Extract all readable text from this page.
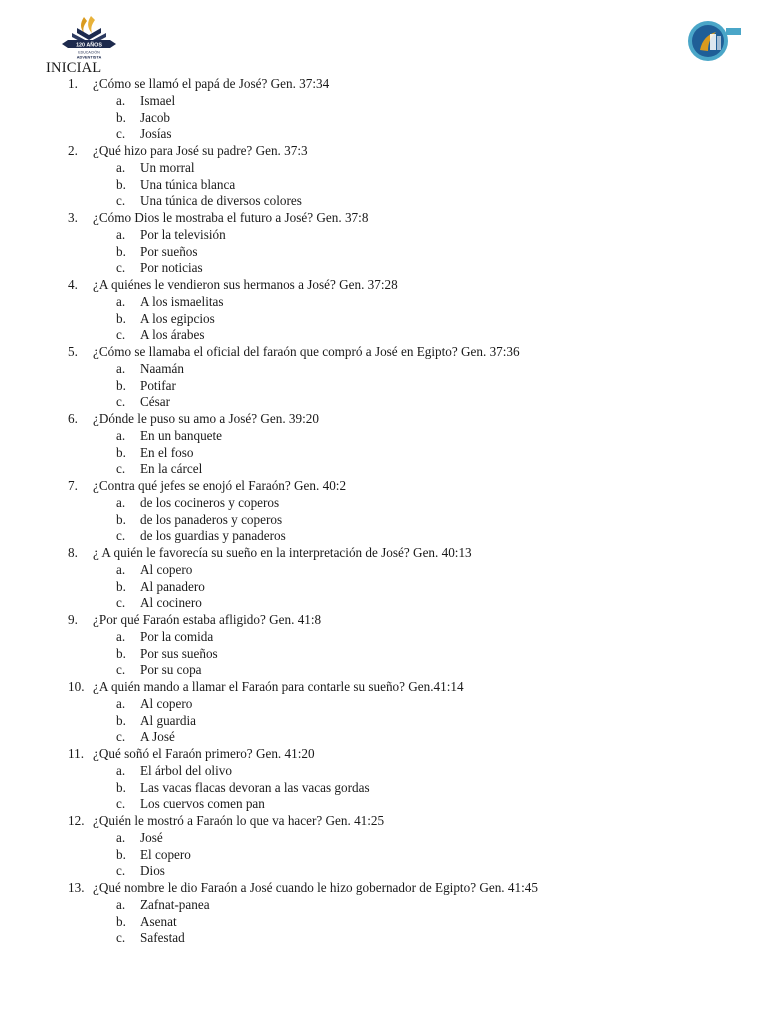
120 AÑOS
EDUCACIÓN
ADVENTISTA
INICIAL
1. ¿Cómo se llamó el papá de José? Gen. 37:34
a. Ismael
b. Jacob
c. Josías
2. ¿Qué hizo para José su padre? Gen. 37:3
a. Un morral
b. Una túnica blanca
c. Una túnica de diversos colores
3. ¿Cómo Dios le mostraba el futuro a José? Gen. 37:8
a. Por la televisión
b. Por sueños
c. Por noticias
4. ¿A quiénes le vendieron sus hermanos a José? Gen. 37:28
a. A los ismaelitas
b. A los egipcios
c. A los árabes
5. ¿Cómo se llamaba el oficial del faraón que compró a José en Egipto? Gen. 37:36
a. Naamán
b. Potifar
c. César
6. ¿Dónde le puso su amo a José? Gen. 39:20
a. En un banquete
b. En el foso
c. En la cárcel
7. ¿Contra qué jefes se enojó el Faraón? Gen. 40:2
a. de los cocineros y coperos
b. de los panaderos y coperos
c. de los guardias y panaderos
8. ¿ A quién le favorecía su sueño en la interpretación de José? Gen. 40:13
a. Al copero
b. Al panadero
c. Al cocinero
9. ¿Por qué Faraón estaba afligido? Gen. 41:8
a. Por la comida
b. Por sus sueños
c. Por su copa
10. ¿A quién mando a llamar el Faraón para contarle su sueño? Gen.41:14
a. Al copero
b. Al guardia
c. A José
11. ¿Qué soñó el Faraón primero? Gen. 41:20
a. El árbol del olivo
b. Las vacas flacas devoran a las vacas gordas
c. Los cuervos comen pan
12. ¿Quién le mostró a Faraón lo que va hacer? Gen. 41:25
a. José
b. El copero
c. Dios
13. ¿Qué nombre le dio Faraón a José cuando le hizo gobernador de Egipto? Gen. 41:45
a. Zafnat-panea
b. Asenat
c. Safestad
